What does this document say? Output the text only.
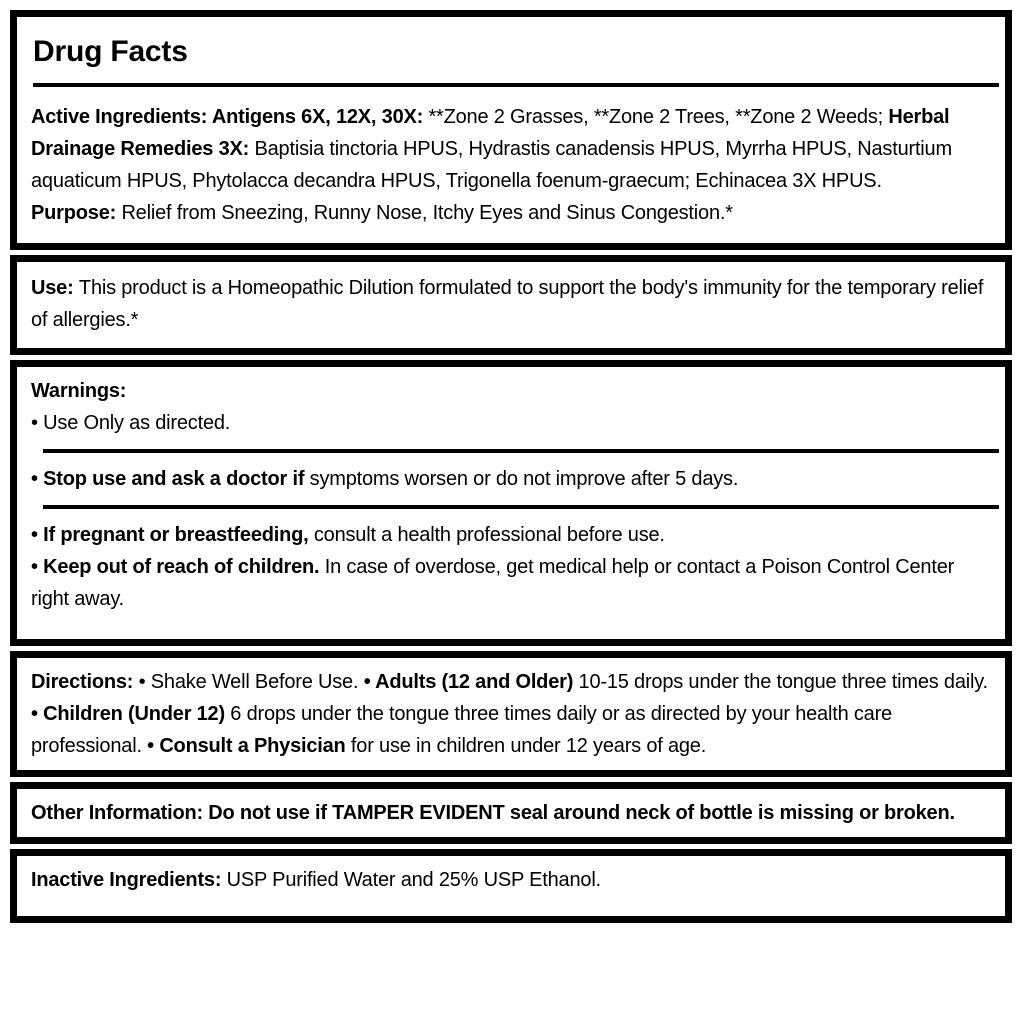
Drug Facts

Active Ingredients: Antigens 6X, 12X, 30X: **Zone 2 Grasses, **Zone 2 Trees, **Zone 2 Weeds; Herbal Drainage Remedies 3X: Baptisia tinctoria HPUS, Hydrastis canadensis HPUS, Myrrha HPUS, Nasturtium aquaticum HPUS, Phytolacca decandra HPUS, Trigonella foenum-graecum; Echinacea 3X HPUS.

Purpose: Relief from Sneezing, Runny Nose, Itchy Eyes and Sinus Congestion.*

Use: This product is a Homeopathic Dilution formulated to support the body's immunity for the temporary relief of allergies.*

Warnings:

• Use Only as directed.

• Stop use and ask a doctor if symptoms worsen or do not improve after 5 days.

• If pregnant or breastfeeding, consult a health professional before use.

• Keep out of reach of children. In case of overdose, get medical help or contact a Poison Control Center right away.

Directions: • Shake Well Before Use. • Adults (12 and Older) 10-15 drops under the tongue three times daily. • Children (Under 12) 6 drops under the tongue three times daily or as directed by your health care professional. • Consult a Physician for use in children under 12 years of age.

Other Information: Do not use if TAMPER EVIDENT seal around neck of bottle is missing or broken.

Inactive Ingredients: USP Purified Water and 25% USP Ethanol.
